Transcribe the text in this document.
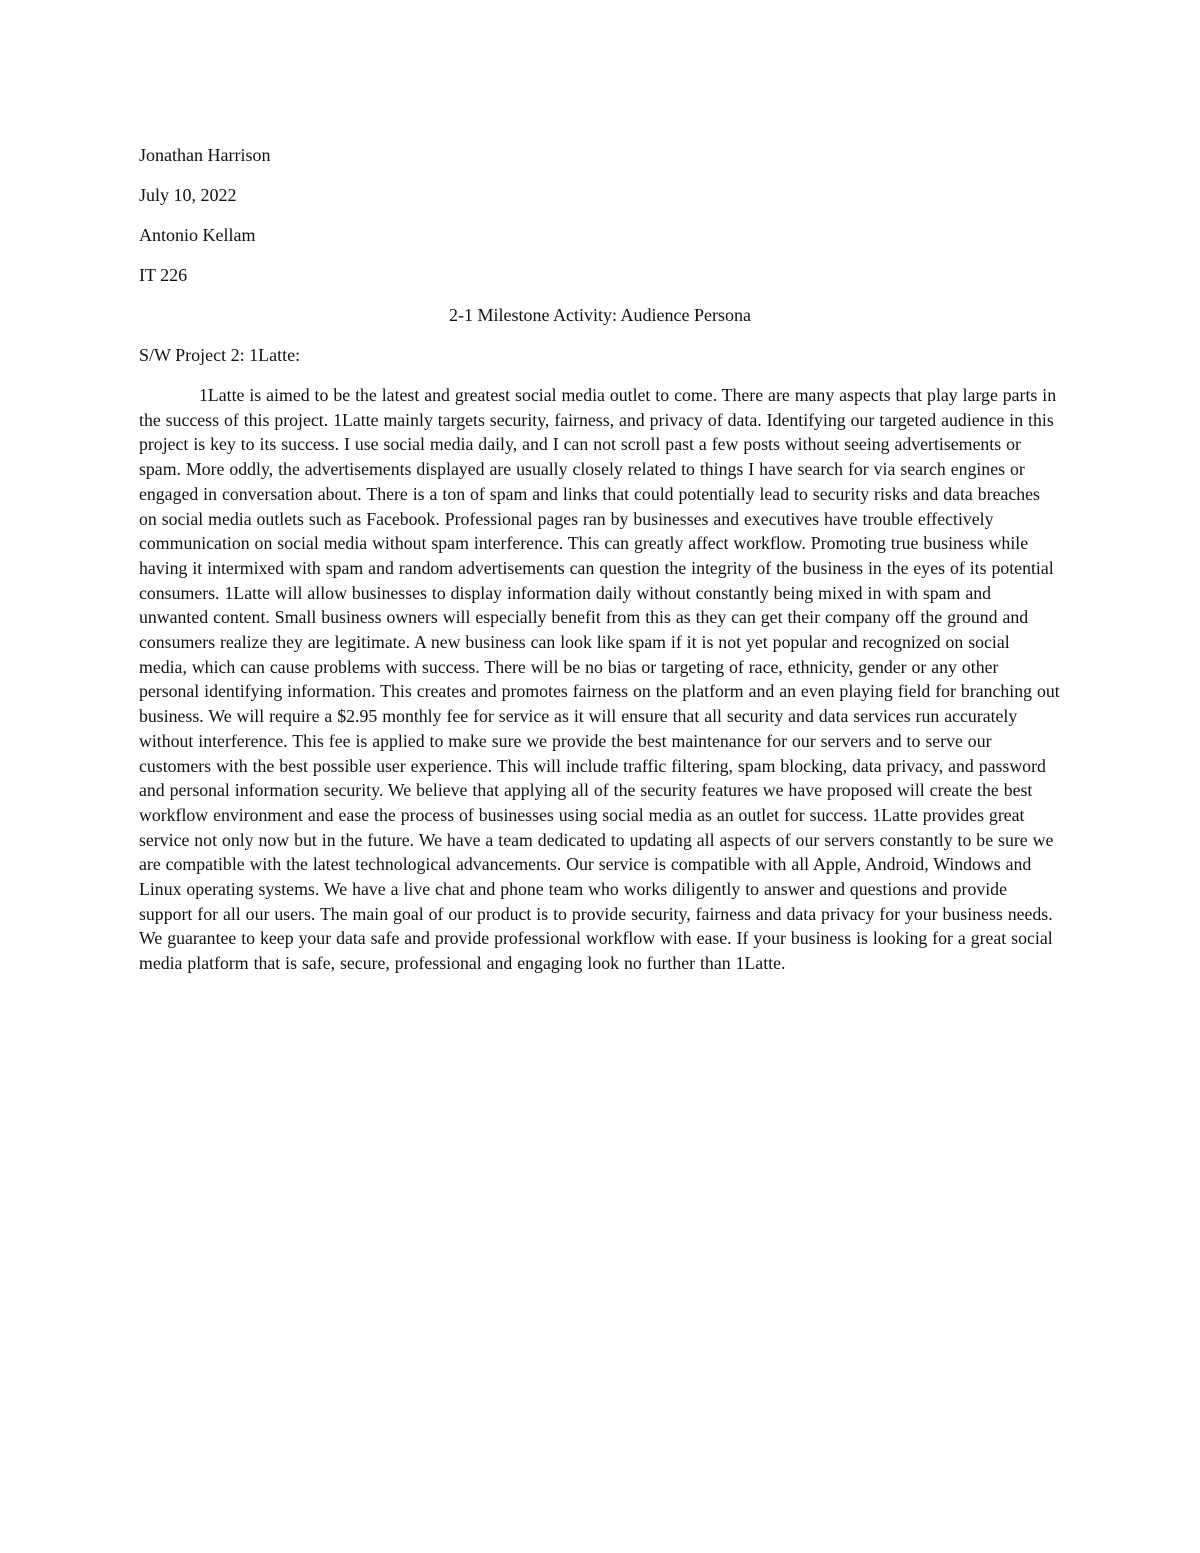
Jonathan Harrison
July 10, 2022
Antonio Kellam
IT 226
2-1 Milestone Activity: Audience Persona
S/W Project 2: 1Latte:

1Latte is aimed to be the latest and greatest social media outlet to come. There are many aspects that play large parts in the success of this project. 1Latte mainly targets security, fairness, and privacy of data. Identifying our targeted audience in this project is key to its success. I use social media daily, and I can not scroll past a few posts without seeing advertisements or spam. More oddly, the advertisements displayed are usually closely related to things I have search for via search engines or engaged in conversation about. There is a ton of spam and links that could potentially lead to security risks and data breaches on social media outlets such as Facebook. Professional pages ran by businesses and executives have trouble effectively communication on social media without spam interference. This can greatly affect workflow. Promoting true business while having it intermixed with spam and random advertisements can question the integrity of the business in the eyes of its potential consumers. 1Latte will allow businesses to display information daily without constantly being mixed in with spam and unwanted content. Small business owners will especially benefit from this as they can get their company off the ground and consumers realize they are legitimate. A new business can look like spam if it is not yet popular and recognized on social media, which can cause problems with success. There will be no bias or targeting of race, ethnicity, gender or any other personal identifying information. This creates and promotes fairness on the platform and an even playing field for branching out business. We will require a $2.95 monthly fee for service as it will ensure that all security and data services run accurately without interference. This fee is applied to make sure we provide the best maintenance for our servers and to serve our customers with the best possible user experience. This will include traffic filtering, spam blocking, data privacy, and password and personal information security. We believe that applying all of the security features we have proposed will create the best workflow environment and ease the process of businesses using social media as an outlet for success. 1Latte provides great service not only now but in the future. We have a team dedicated to updating all aspects of our servers constantly to be sure we are compatible with the latest technological advancements. Our service is compatible with all Apple, Android, Windows and Linux operating systems. We have a live chat and phone team who works diligently to answer and questions and provide support for all our users. The main goal of our product is to provide security, fairness and data privacy for your business needs. We guarantee to keep your data safe and provide professional workflow with ease. If your business is looking for a great social media platform that is safe, secure, professional and engaging look no further than 1Latte.
